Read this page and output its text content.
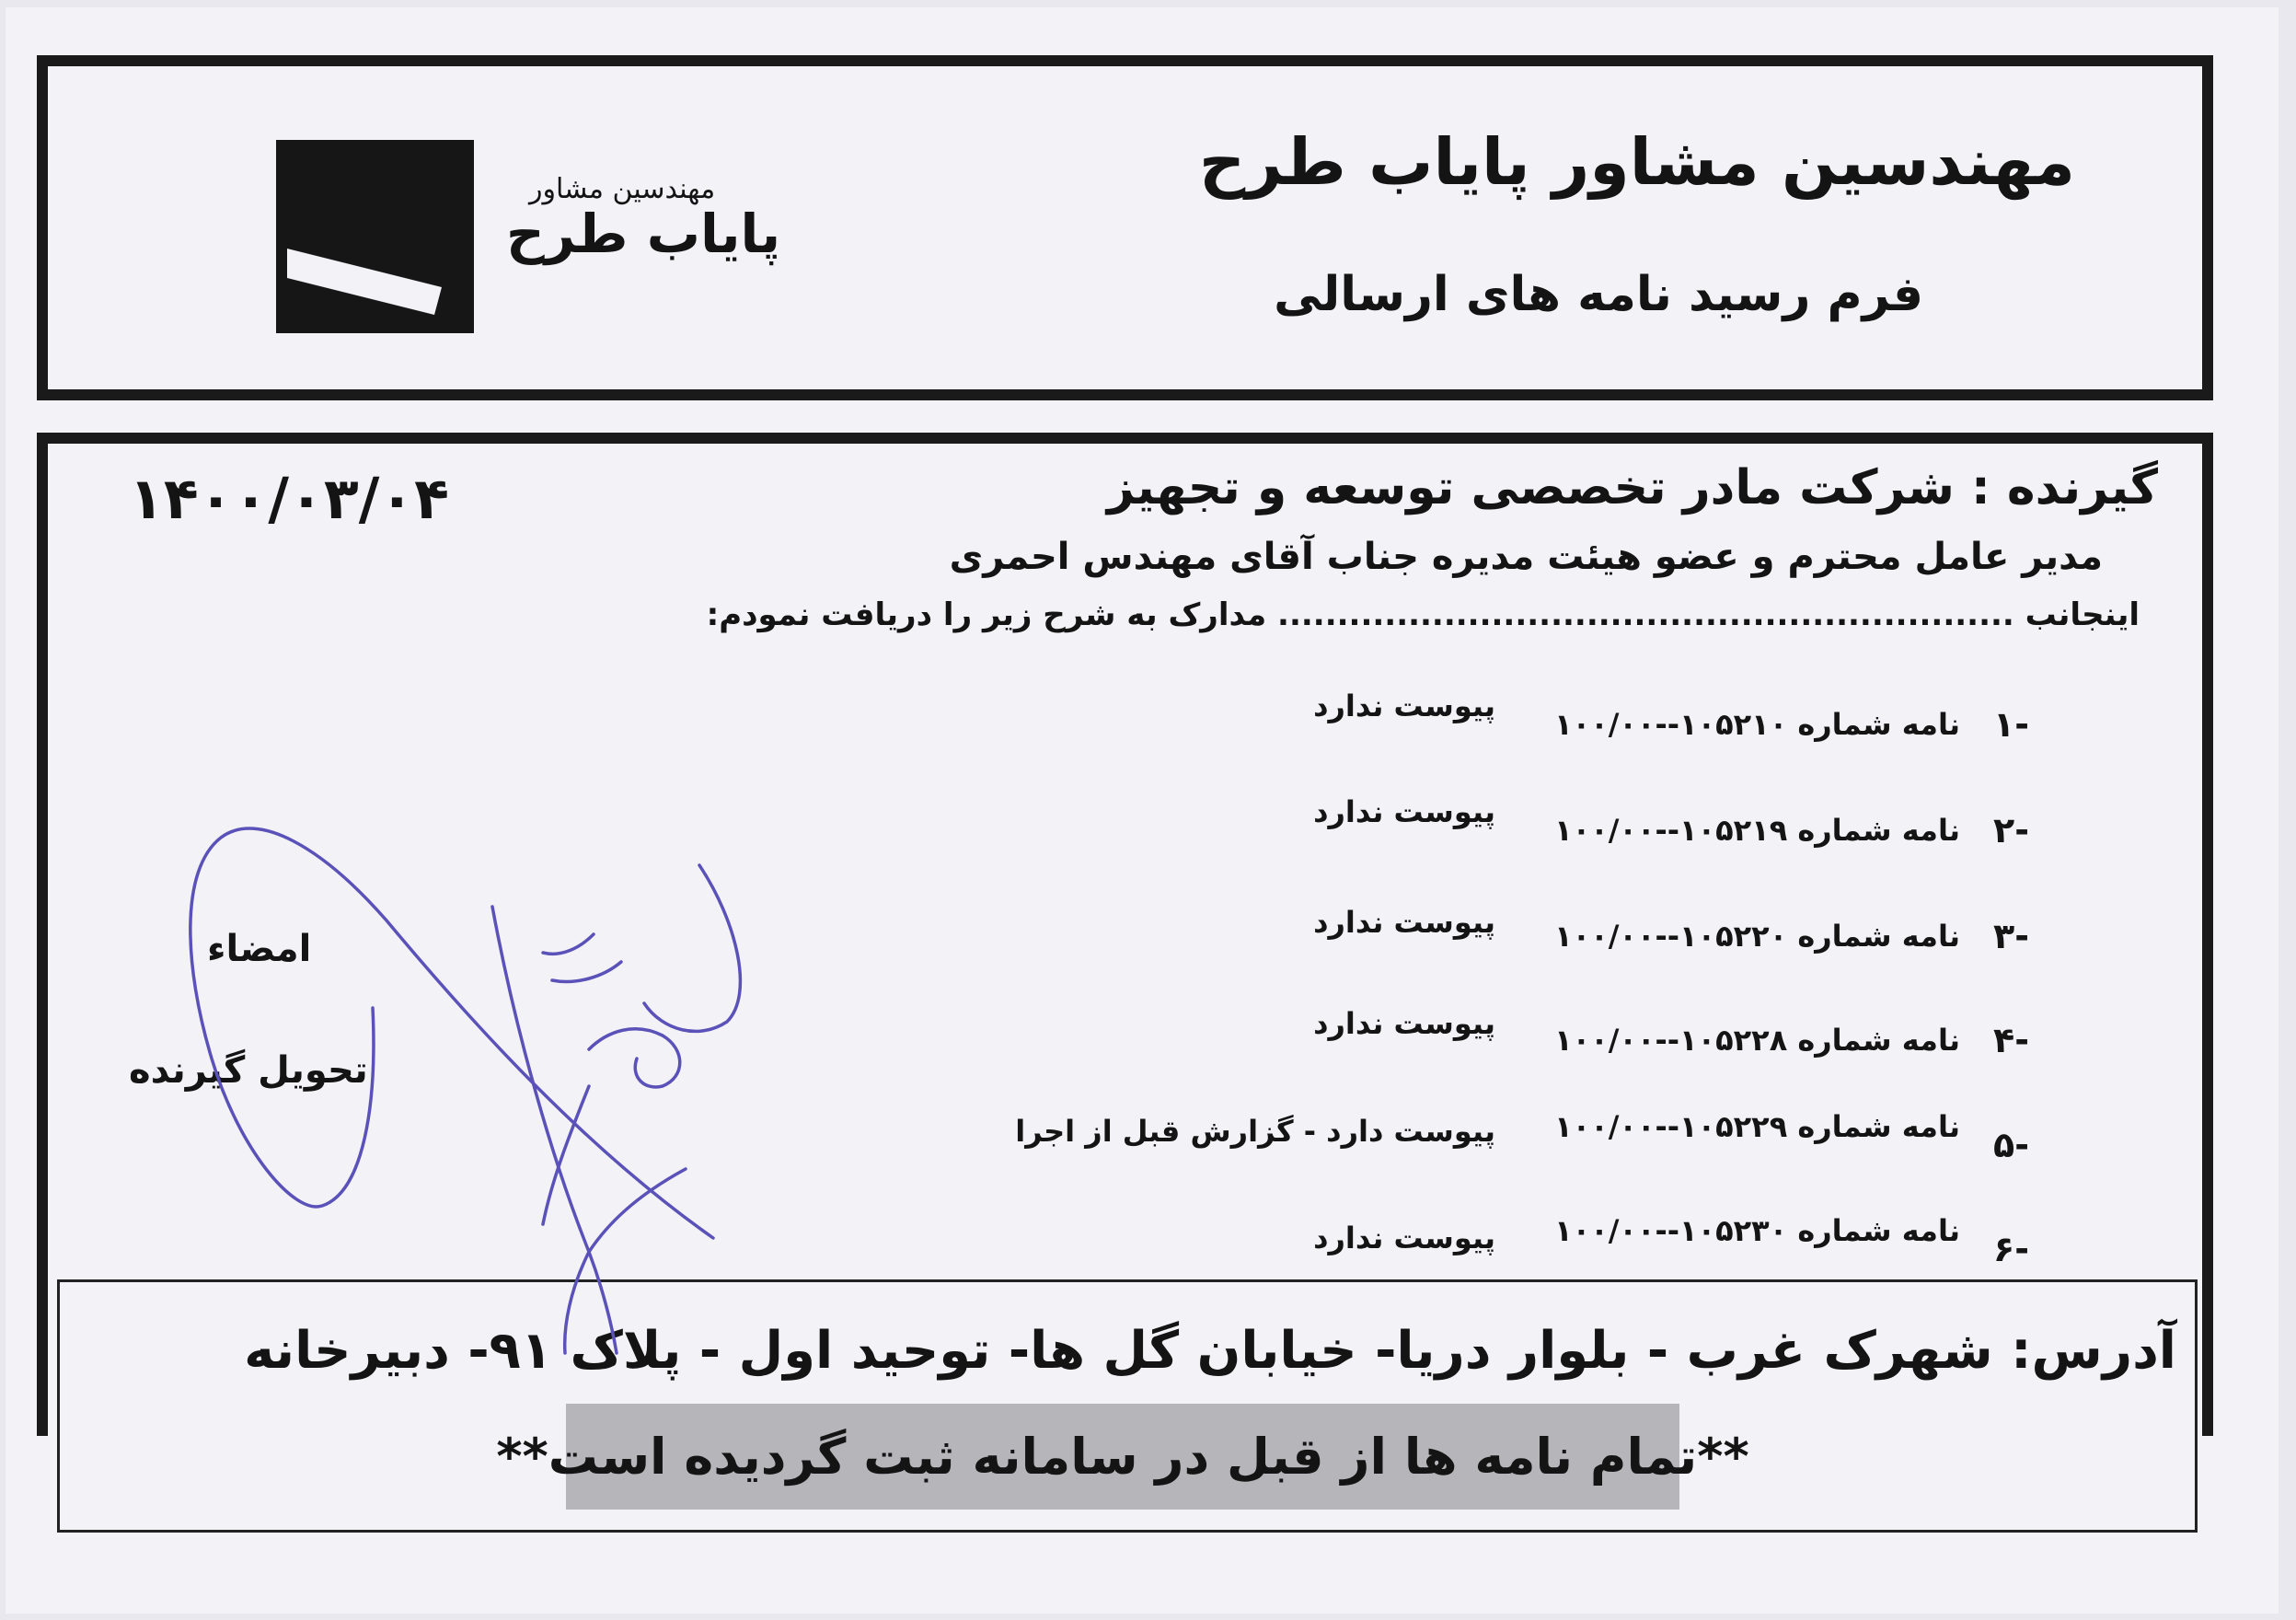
مهندسین مشاور پایاب طرح
فرم رسید نامه های ارسالی
مهندسین مشاور
پایاب طرح
۱۴۰۰/۰۳/۰۴	گیرنده : شرکت مادر تخصصی توسعه و تجهیز
مدیر عامل محترم و عضو هیئت مدیره جناب آقای مهندس احمری
اینجانب .............................................................. مدارک به شرح زیر را دریافت نمودم:
۱-
نامه شماره ۱۰۵۲۱۰--۱۰۰/۰۰
پیوست ندارد
۲-
نامه شماره ۱۰۵۲۱۹--۱۰۰/۰۰
پیوست ندارد
۳-
نامه شماره ۱۰۵۲۲۰--۱۰۰/۰۰
پیوست ندارد
۴-
نامه شماره ۱۰۵۲۲۸--۱۰۰/۰۰
پیوست ندارد
۵-
نامه شماره ۱۰۵۲۲۹--۱۰۰/۰۰
پیوست دارد - گزارش قبل از اجرا
۶-
نامه شماره ۱۰۵۲۳۰--۱۰۰/۰۰
پیوست ندارد
امضاء
تحویل گیرنده
آدرس: شهرک غرب - بلوار دریا- خیابان گل ها- توحید اول - پلاک ۹۱- دبیرخانه
**تمام نامه ها از قبل در سامانه ثبت گردیده است**
